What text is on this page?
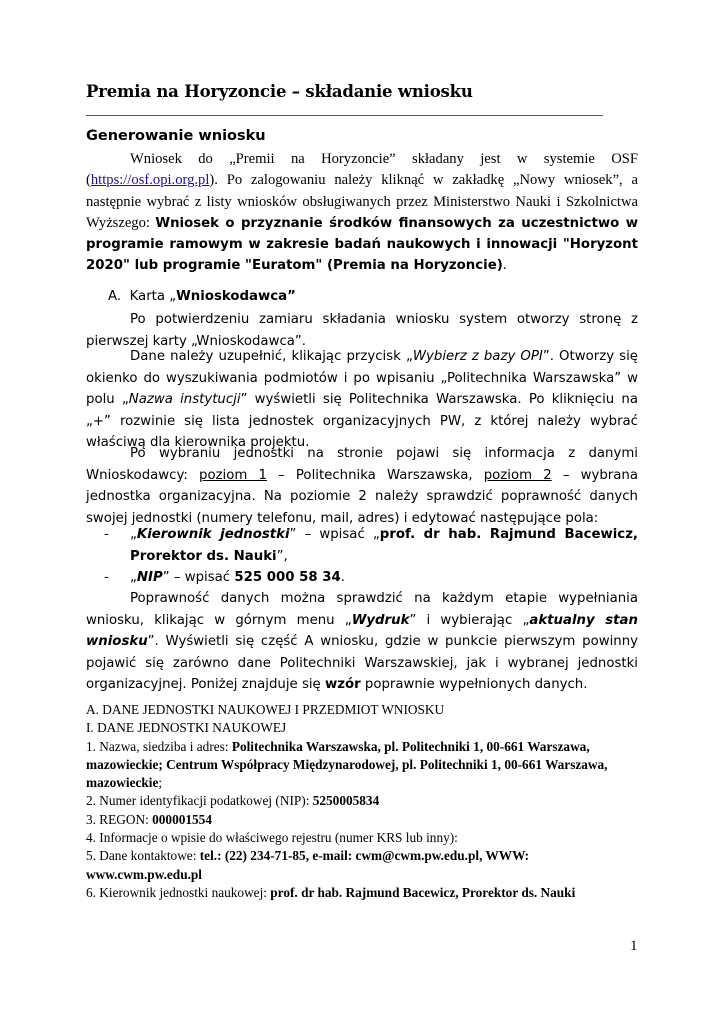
Premia na Horyzoncie – składanie wniosku
Generowanie wniosku
Wniosek do „Premii na Horyzoncie” składany jest w systemie OSF (https://osf.opi.org.pl). Po zalogowaniu należy kliknąć w zakładkę „Nowy wniosek”, a następnie wybrać z listy wniosków obsługiwanych przez Ministerstwo Nauki i Szkolnictwa Wyższego: Wniosek o przyznanie środków finansowych za uczestnictwo w programie ramowym w zakresie badań naukowych i innowacji "Horyzont 2020" lub programie "Euratom" (Premia na Horyzoncie).
A. Karta „Wnioskodawca”
Po potwierdzeniu zamiaru składania wniosku system otworzy stronę z pierwszej karty „Wnioskodawca”.
Dane należy uzupełnić, klikając przycisk „Wybierz z bazy OPI”. Otworzy się okienko do wyszukiwania podmiotów i po wpisaniu „Politechnika Warszawska” w polu „Nazwa instytucji” wyświetli się Politechnika Warszawska. Po kliknięciu na „+” rozwinie się lista jednostek organizacyjnych PW, z której należy wybrać właściwą dla kierownika projektu.
Po wybraniu jednostki na stronie pojawi się informacja z danymi Wnioskodawcy: poziom 1 – Politechnika Warszawska, poziom 2 – wybrana jednostka organizacyjna. Na poziomie 2 należy sprawdzić poprawność danych swojej jednostki (numery telefonu, mail, adres) i edytować następujące pola:
- „Kierownik jednostki” – wpisać „prof. dr hab. Rajmund Bacewicz, Prorektor ds. Nauki”,
- „NIP” – wpisać 525 000 58 34.
Poprawność danych można sprawdzić na każdym etapie wypełniania wniosku, klikając w górnym menu „Wydruk” i wybierając „aktualny stan wniosku”. Wyświetli się część A wniosku, gdzie w punkcie pierwszym powinny pojawić się zarówno dane Politechniki Warszawskiej, jak i wybranej jednostki organizacyjnej. Poniżej znajduje się wzór poprawnie wypełnionych danych.
A. DANE JEDNOSTKI NAUKOWEJ I PRZEDMIOT WNIOSKU
I. DANE JEDNOSTKI NAUKOWEJ
1. Nazwa, siedziba i adres: Politechnika Warszawska, pl. Politechniki 1, 00-661 Warszawa, mazowieckie; Centrum Współpracy Międzynarodowej, pl. Politechniki 1, 00-661 Warszawa, mazowieckie;
2. Numer identyfikacji podatkowej (NIP): 5250005834
3. REGON: 000001554
4. Informacje o wpisie do właściwego rejestru (numer KRS lub inny):
5. Dane kontaktowe: tel.: (22) 234-71-85, e-mail: cwm@cwm.pw.edu.pl, WWW: www.cwm.pw.edu.pl
6. Kierownik jednostki naukowej: prof. dr hab. Rajmund Bacewicz, Prorektor ds. Nauki
1
